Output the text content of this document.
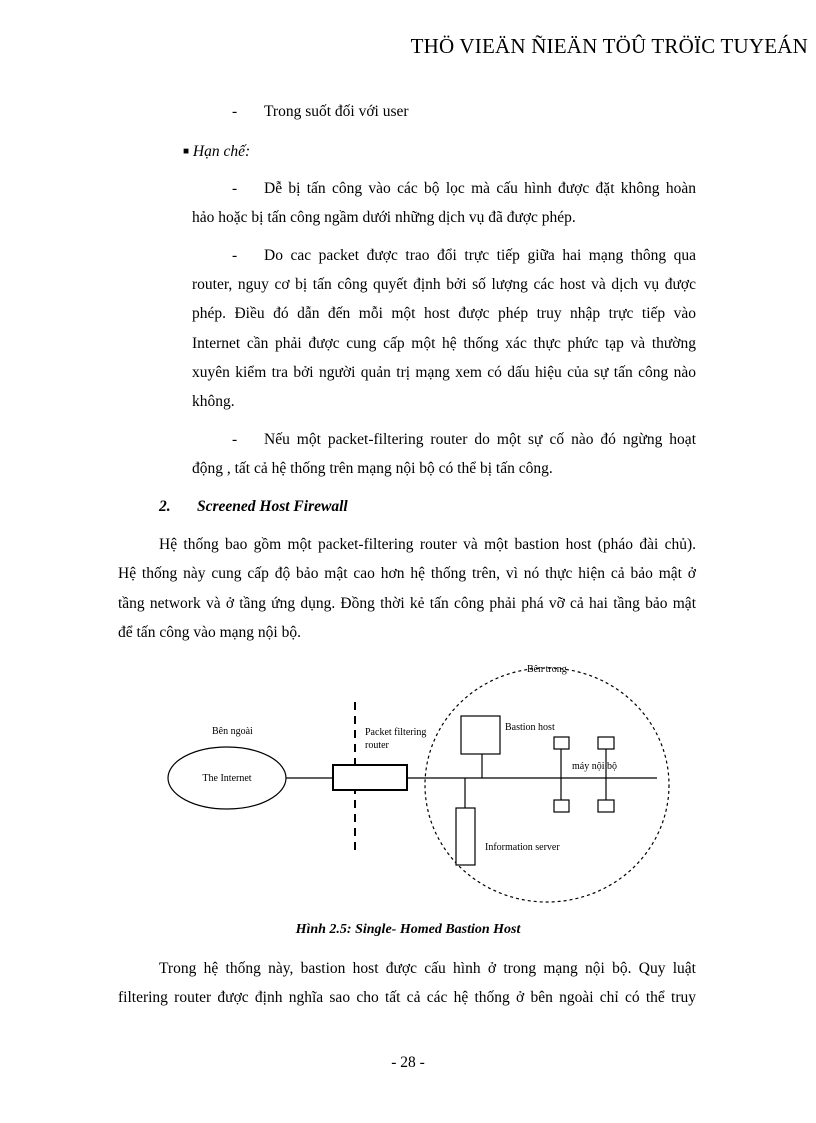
THÖ VIEÄN ÑIEÄN TÖÛ TRÖÏC TUYEÁN
- Trong suốt đối với user
■ Hạn chế:
- Dễ bị tấn công vào các bộ lọc mà cấu hình được đặt không hoàn
hảo hoặc bị tấn công ngầm dưới những dịch vụ đã được phép.
- Do cac packet được trao đổi trực tiếp giữa hai mạng thông qua
router, nguy cơ bị tấn công quyết định bởi số lượng các host và dịch vụ được
phép. Điều đó dẫn đến mỗi một host được phép truy nhập trực tiếp vào
Internet cần phải được cung cấp một hệ thống xác thực phức tạp và thường
xuyên kiểm tra bởi người quản trị mạng xem có dấu hiệu của sự tấn công nào
không.
- Nếu một packet-filtering router do một sự cố nào đó ngừng hoạt
động , tất cả hệ thống trên mạng nội bộ có thể bị tấn công.
2. Screened Host Firewall
Hệ thống bao gồm một packet-filtering router và một bastion host (pháo đài chủ).
Hệ thống này cung cấp độ bảo mật cao hơn hệ thống trên, vì nó thực hiện cả bảo mật ở
tầng network và ở tầng ứng dụng. Đồng thời kẻ tấn công phải phá vỡ cả hai tầng bảo mật
để tấn công vào mạng nội bộ.
Bên trong
Bên ngoài
The Internet
Packet filtering
router
Bastion host
máy nội bộ
Information server
Hình 2.5: Single- Homed Bastion Host
Trong hệ thống này, bastion host được cấu hình ở trong mạng nội bộ. Quy luật
filtering router được định nghĩa sao cho tất cả các hệ thống ở bên ngoài chỉ có thể truy
- 28 -
